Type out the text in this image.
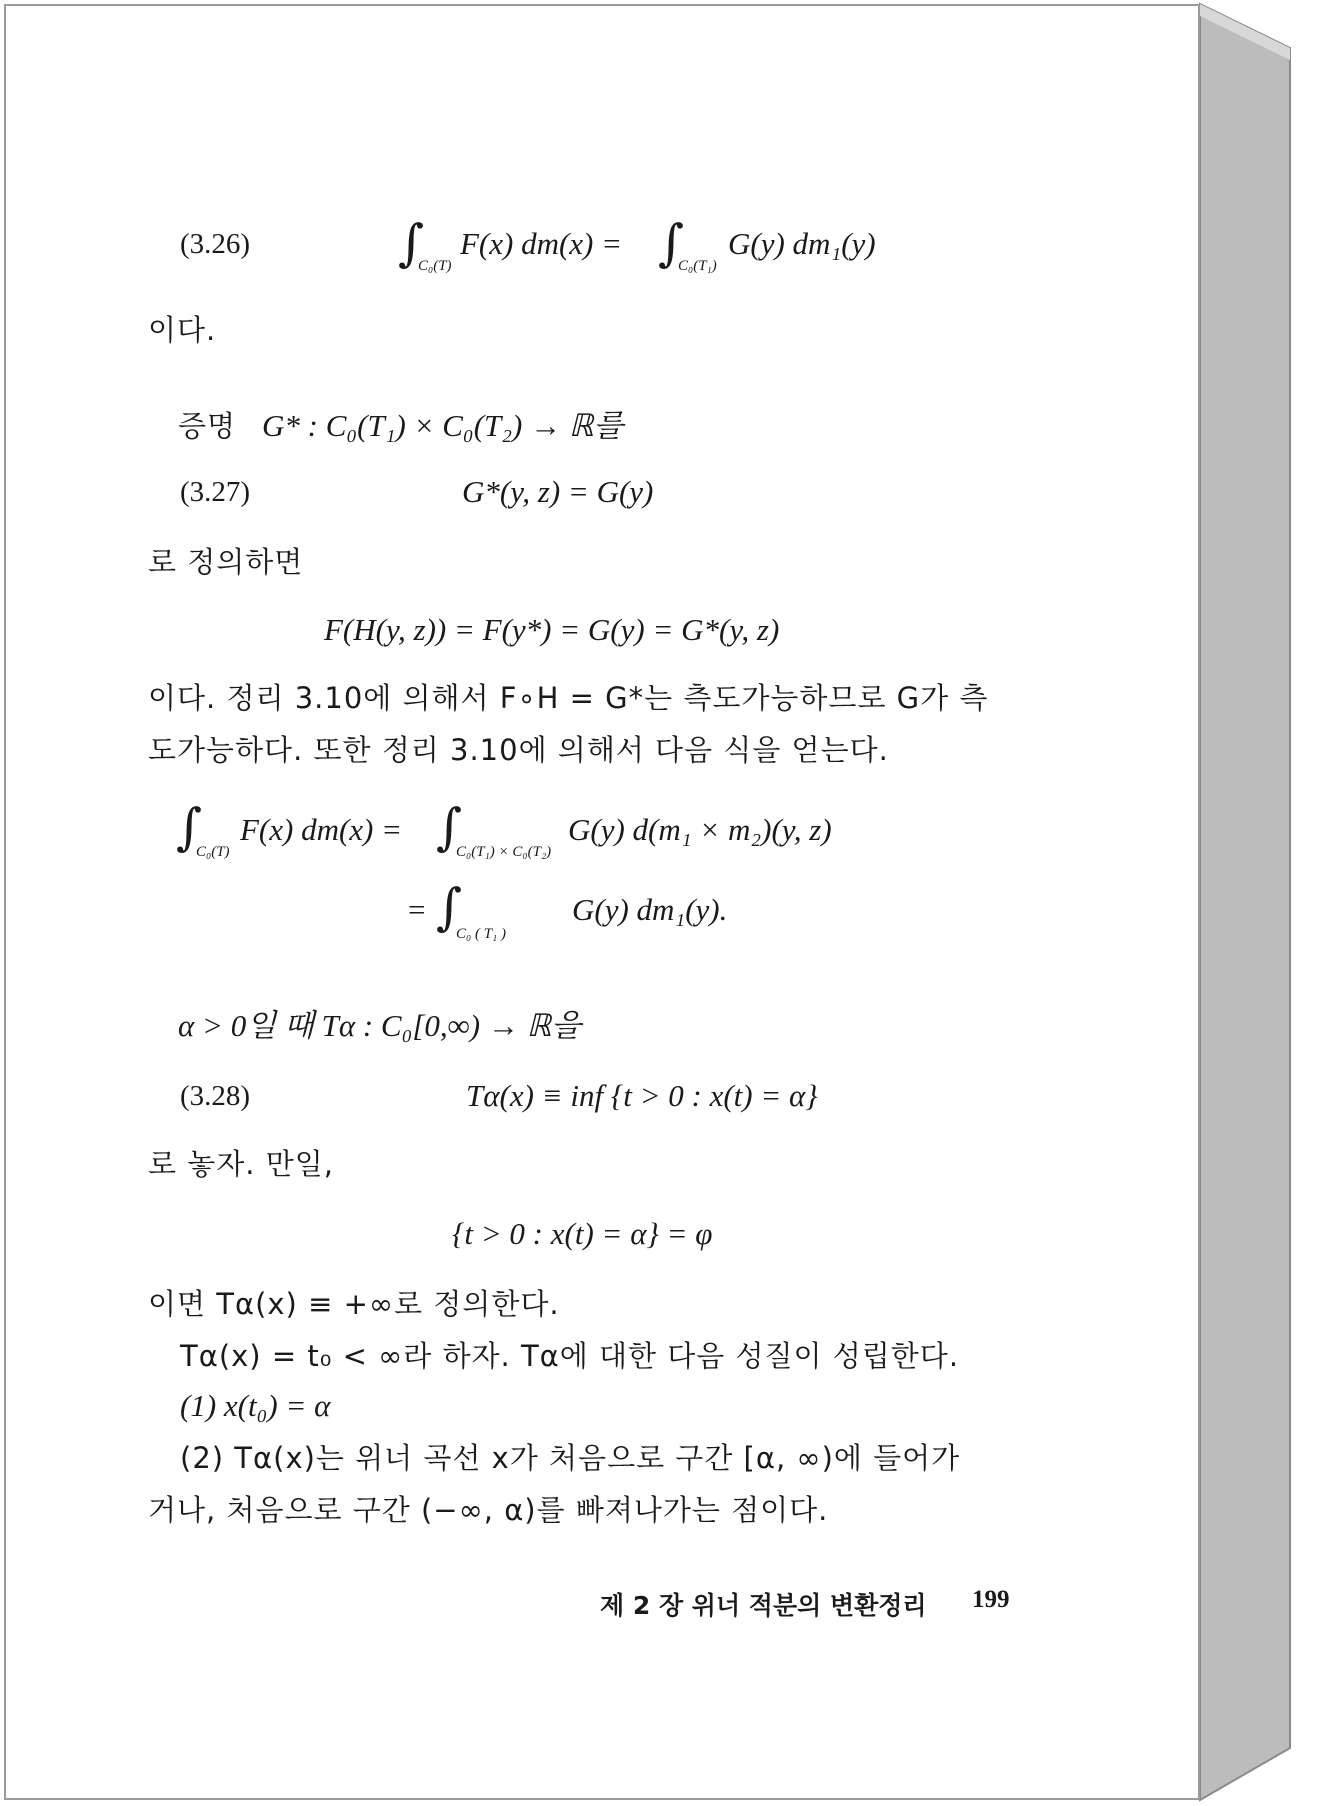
(3.26)	∫ F(x) dm(x) =
C₀(T)	∫ G(y) dm₁(y)
C₀(T₁)
이다.
증명 G* : C₀(T₁) × C₀(T₂) → ℝ를
(3.27)	G*(y, z) = G(y)
로 정의하면
F(H(y, z)) = F(y*) = G(y) = G*(y, z)
이다. 정리 3.10에 의해서 F∘H = G*는 측도가능하므로 G가 측
도가능하다. 또한 정리 3.10에 의해서 다음 식을 얻는다.
∫ F(x) dm(x) =
C₀(T)	∫	G(y) d(m₁ × m₂)(y, z)
C₀(T₁) × C₀(T₂)
= ∫	G(y) dm₁(y).
C₀ ( T₁ )
α > 0일 때 Tα : C₀[0,∞) → ℝ을
(3.28)	Tα(x) ≡ inf {t > 0 : x(t) = α}
로 놓자. 만일,
{t > 0 : x(t) = α} = φ
이면 Tα(x) ≡ +∞로 정의한다.
Tα(x) = t₀ < ∞라 하자. Tα에 대한 다음 성질이 성립한다.
(1) x(t₀) = α
(2) Tα(x)는 위너 곡선 x가 처음으로 구간 [α, ∞)에 들어가
거나, 처음으로 구간 (−∞, α)를 빠져나가는 점이다.
제 2 장 위너 적분의 변환정리 199
